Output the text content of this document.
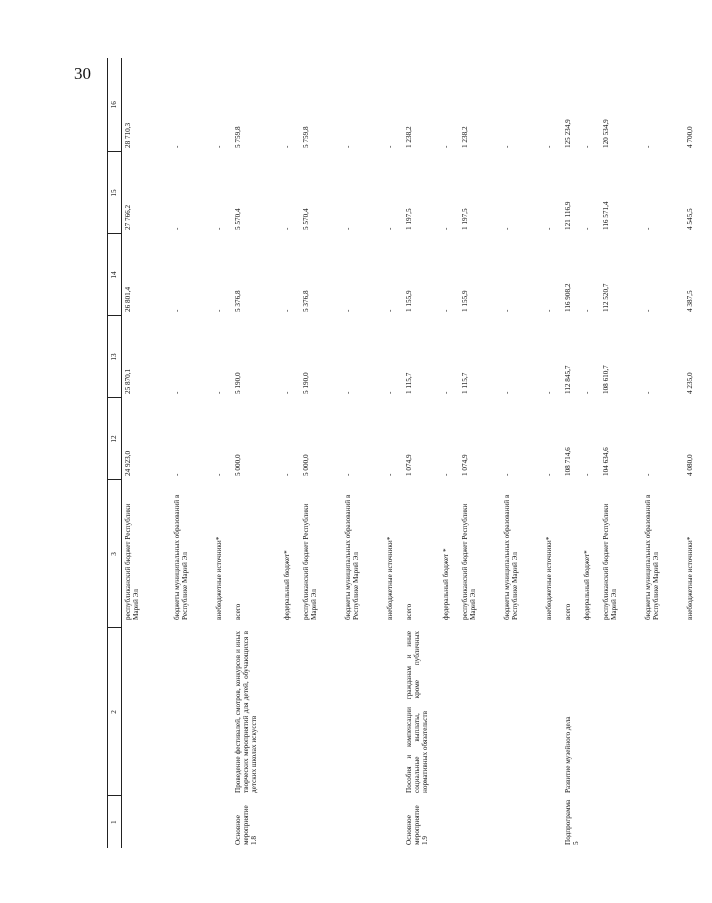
30
1	2	3	12	13	14	15	16
		республиканский бюджет Республики Марий Эл	24 923,0	25 870,1	26 801,4	27 766,2	28 710,3
		бюджеты муниципальных образований в Республике Марий Эл	-	-	-	-	-
		внебюджетные источники*	-	-	-	-	-
Основное мероприятие 1.8	Проведение фестивалей, смотров, конкурсов и иных творческих мероприятий для детей, обучающихся в детских школах искусств	всего	5 000,0	5 190,0	5 376,8	5 570,4	5 759,8
		федеральный бюджет*	-	-	-	-	-
		республиканский бюджет Республики Марий Эл	5 000,0	5 190,0	5 376,8	5 570,4	5 759,8
		бюджеты муниципальных образований в Республике Марий Эл	-	-	-	-	-
		внебюджетные источники*	-	-	-	-	-
Основное мероприятие 1.9	Пособия и компенсации гражданам и иные социальные выплаты, кроме публичных нормативных обязательств	всего	1 074,9	1 115,7	1 155,9	1 197,5	1 238,2
		федеральный бюджет *	-	-	-	-	-
		республиканский бюджет Республики Марий Эл	1 074,9	1 115,7	1 155,9	1 197,5	1 238,2
		бюджеты муниципальных образований в Республике Марий Эл	-	-	-	-	-
		внебюджетные источники*	-	-	-	-	-
Подпрограмма 5	Развитие музейного дела	всего	108 714,6	112 845,7	116 908,2	121 116,9	125 234,9
		федеральный бюджет*	-	-	-	-	-
		республиканский бюджет Республики Марий Эл	104 634,6	108 610,7	112 520,7	116 571,4	120 534,9
		бюджеты муниципальных образований в Республике Марий Эл	-	-	-	-	-
		внебюджетные источники*	4 080,0	4 235,0	4 387,5	4 545,5	4 700,0
